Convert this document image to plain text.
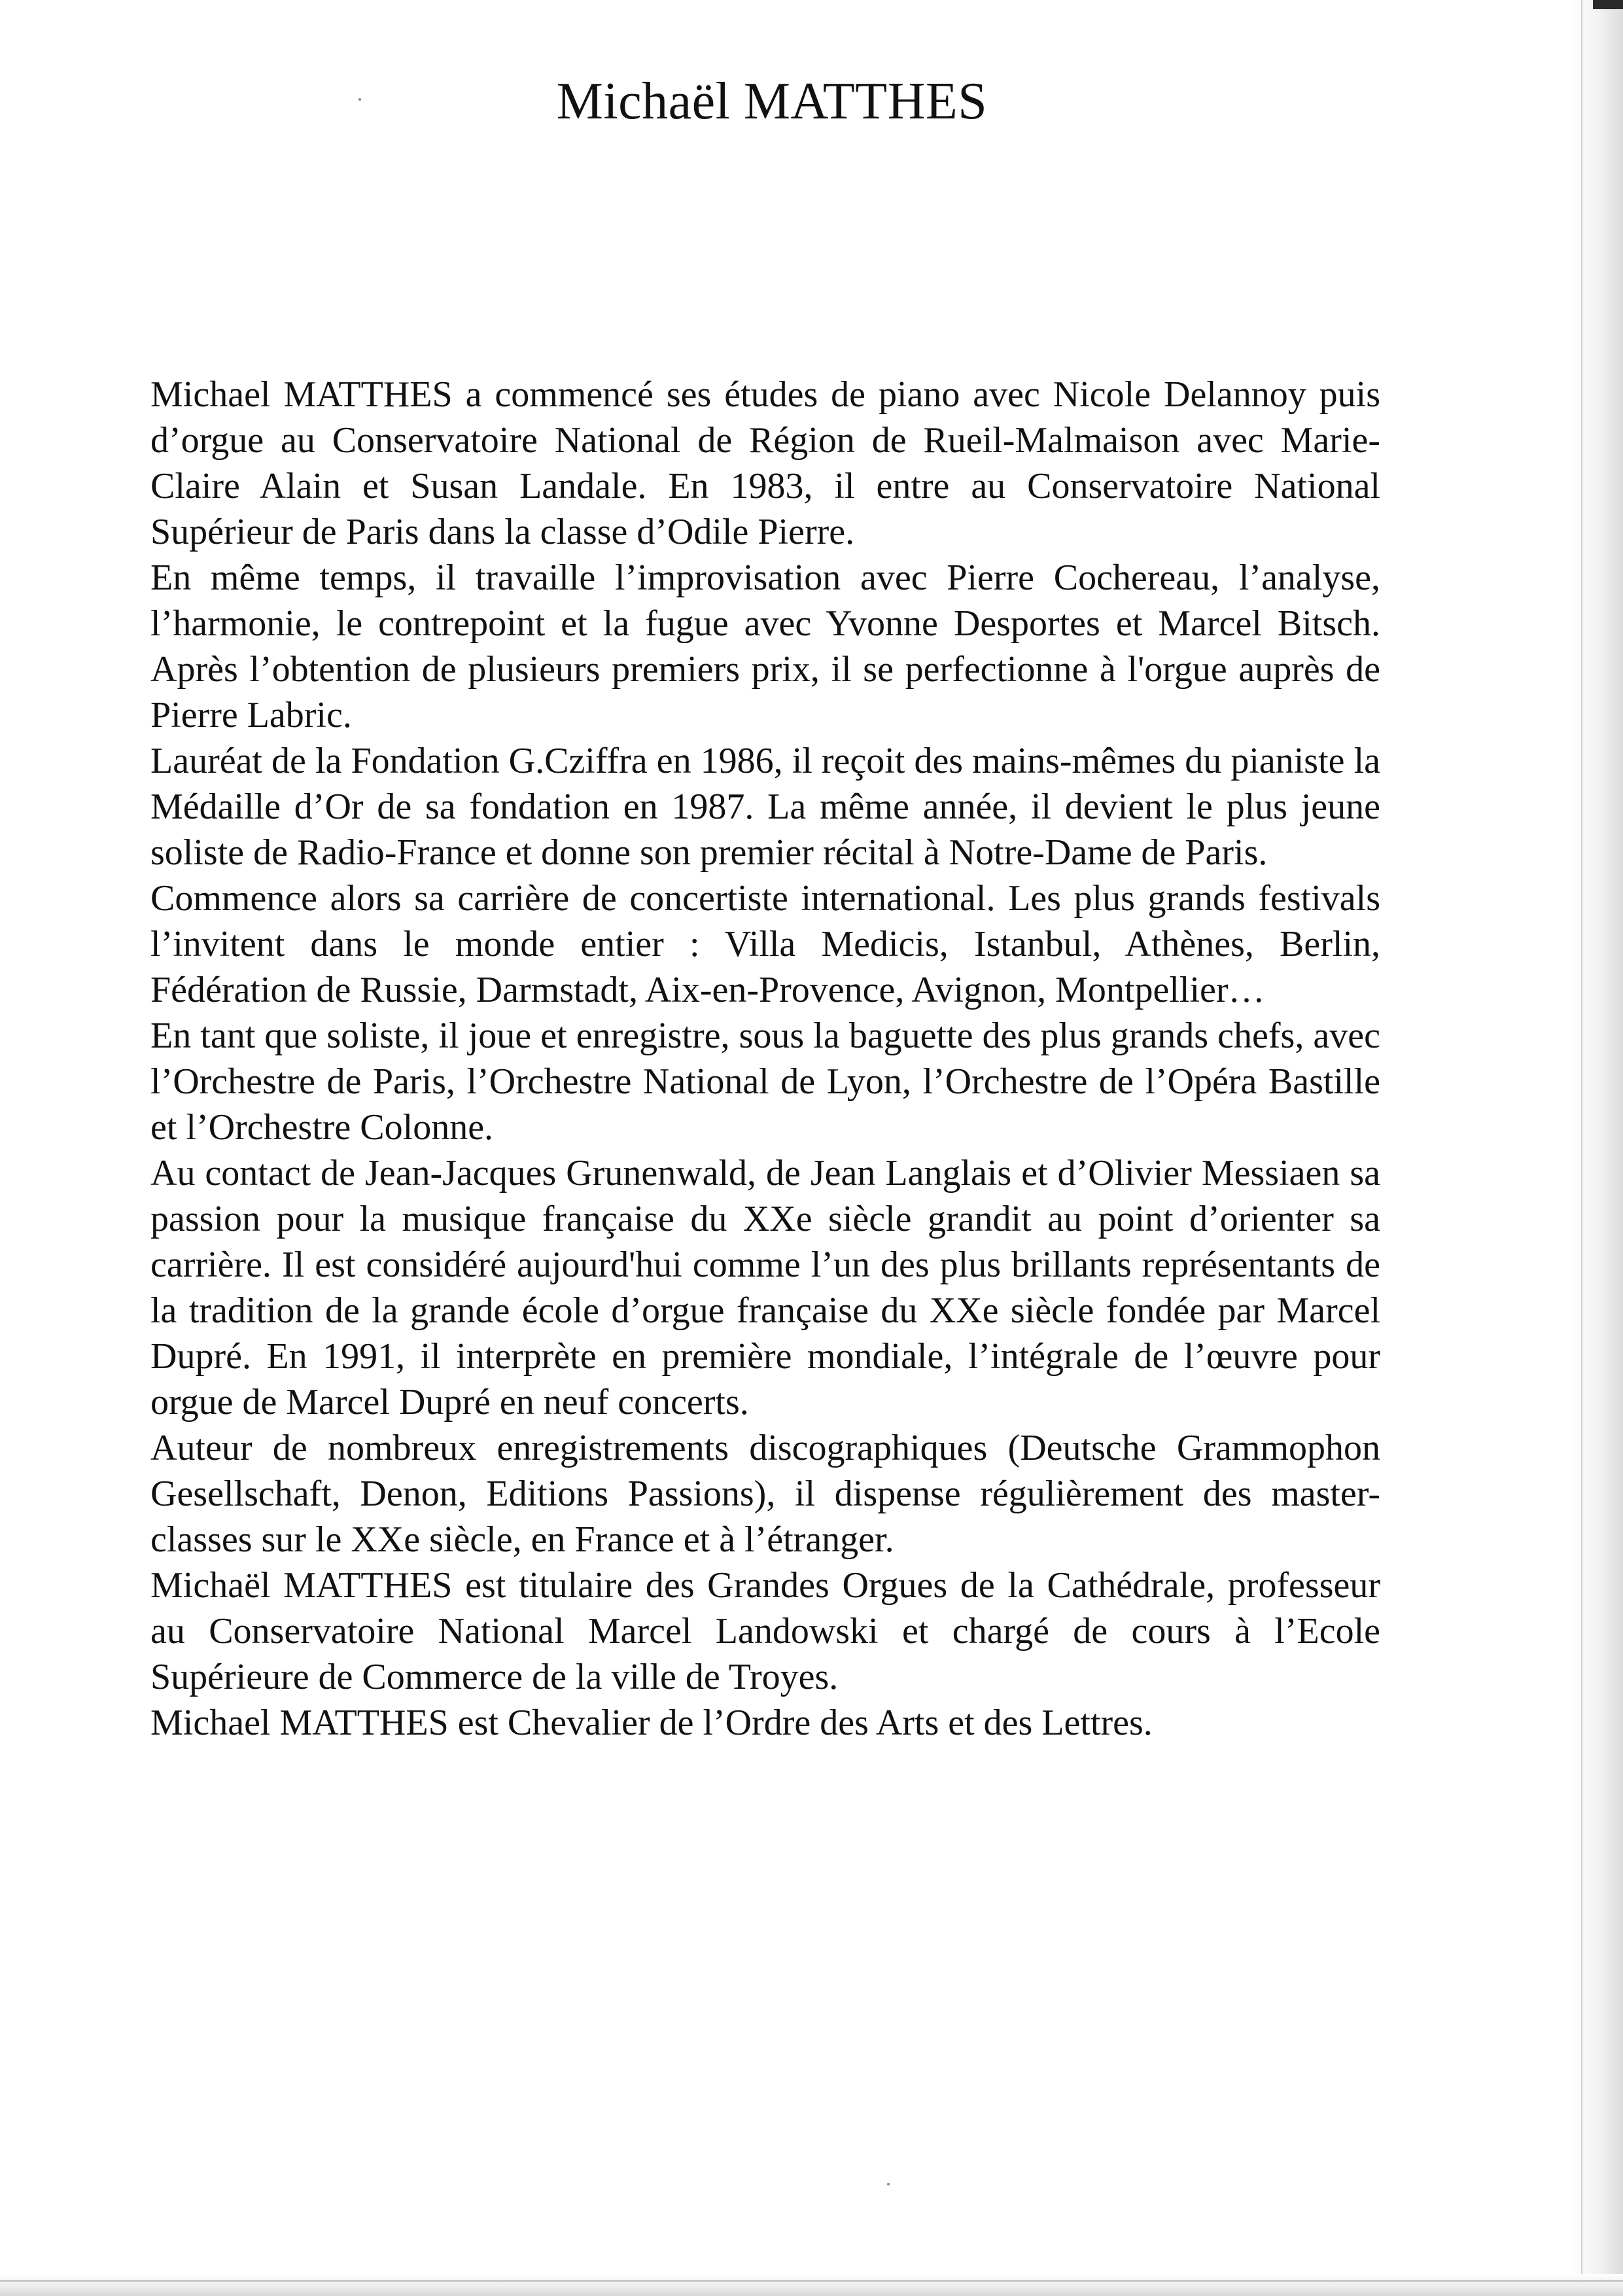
Michaël MATTHES

Michael MATTHES a commencé ses études de piano avec Nicole Delannoy puis d’orgue au Conservatoire National de Région de Rueil-Malmaison avec Marie-Claire Alain et Susan Landale. En 1983, il entre au Conservatoire National Supérieur de Paris dans la classe d’Odile Pierre.

En même temps, il travaille l’improvisation avec Pierre Cochereau, l’analyse, l’harmonie, le contrepoint et la fugue avec Yvonne Desportes et Marcel Bitsch. Après l’obtention de plusieurs premiers prix, il se perfectionne à l'orgue auprès de Pierre Labric.

Lauréat de la Fondation G.Cziffra en 1986, il reçoit des mains-mêmes du pianiste la Médaille d’Or de sa fondation en 1987. La même année, il devient le plus jeune soliste de Radio-France et donne son premier récital à Notre-Dame de Paris.

Commence alors sa carrière de concertiste international. Les plus grands festivals l’invitent dans le monde entier : Villa Medicis, Istanbul, Athènes, Berlin, Fédération de Russie, Darmstadt, Aix-en-Provence, Avignon, Montpellier…

En tant que soliste, il joue et enregistre, sous la baguette des plus grands chefs, avec l’Orchestre de Paris, l’Orchestre National de Lyon, l’Orchestre de l’Opéra Bastille et l’Orchestre Colonne.

Au contact de Jean-Jacques Grunenwald, de Jean Langlais et d’Olivier Messiaen sa passion pour la musique française du XXe siècle grandit au point d’orienter sa carrière. Il est considéré aujourd'hui comme l’un des plus brillants représentants de la tradition de la grande école d’orgue française du XXe siècle fondée par Marcel Dupré. En 1991, il interprète en première mondiale, l’intégrale de l’œuvre pour orgue de Marcel Dupré en neuf concerts.

Auteur de nombreux enregistrements discographiques (Deutsche Grammophon Gesellschaft, Denon, Editions Passions), il dispense régulièrement des master-classes sur le XXe siècle, en France et à l’étranger.

Michaël MATTHES est titulaire des Grandes Orgues de la Cathédrale, professeur au Conservatoire National Marcel Landowski et chargé de cours à l’Ecole Supérieure de Commerce de la ville de Troyes.

Michael MATTHES est Chevalier de l’Ordre des Arts et des Lettres.
